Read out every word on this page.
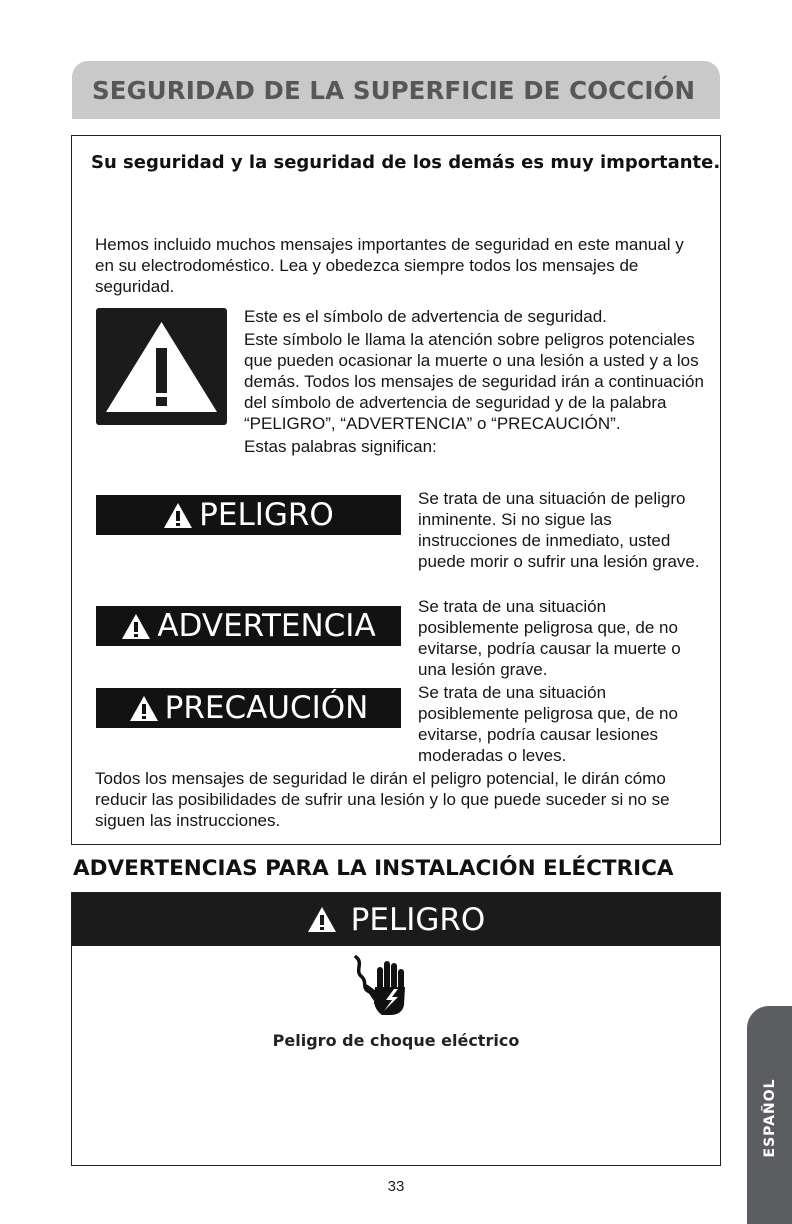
SEGURIDAD DE LA SUPERFICIE DE COCCIÓN
Su seguridad y la seguridad de los demás es muy importante.
Hemos incluido muchos mensajes importantes de seguridad en este manual y en su electrodoméstico. Lea y obedezca siempre todos los mensajes de seguridad.
Este es el símbolo de advertencia de seguridad.
Este símbolo le llama la atención sobre peligros potenciales que pueden ocasionar la muerte o una lesión a usted y a los demás. Todos los mensajes de seguridad irán a continuación del símbolo de advertencia de seguridad y de la palabra “PELIGRO”, “ADVERTENCIA” o “PRECAUCIÓN”.
Estas palabras significan:
PELIGRO	Se trata de una situación de peligro inminente. Si no sigue las instrucciones de inmediato, usted puede morir o sufrir una lesión grave.
ADVERTENCIA
Se trata de una situación posiblemente peligrosa que, de no evitarse, podría causar la muerte o una lesión grave.
PRECAUCIÓN	Se trata de una situación posiblemente peligrosa que, de no evitarse, podría causar lesiones moderadas o leves.
Todos los mensajes de seguridad le dirán el peligro potencial, le dirán cómo reducir las posibilidades de sufrir una lesión y lo que puede suceder si no se siguen las instrucciones.
ADVERTENCIAS PARA LA INSTALACIÓN ELÉCTRICA
PELIGRO
Peligro de choque eléctrico
33
ESPAÑOL
